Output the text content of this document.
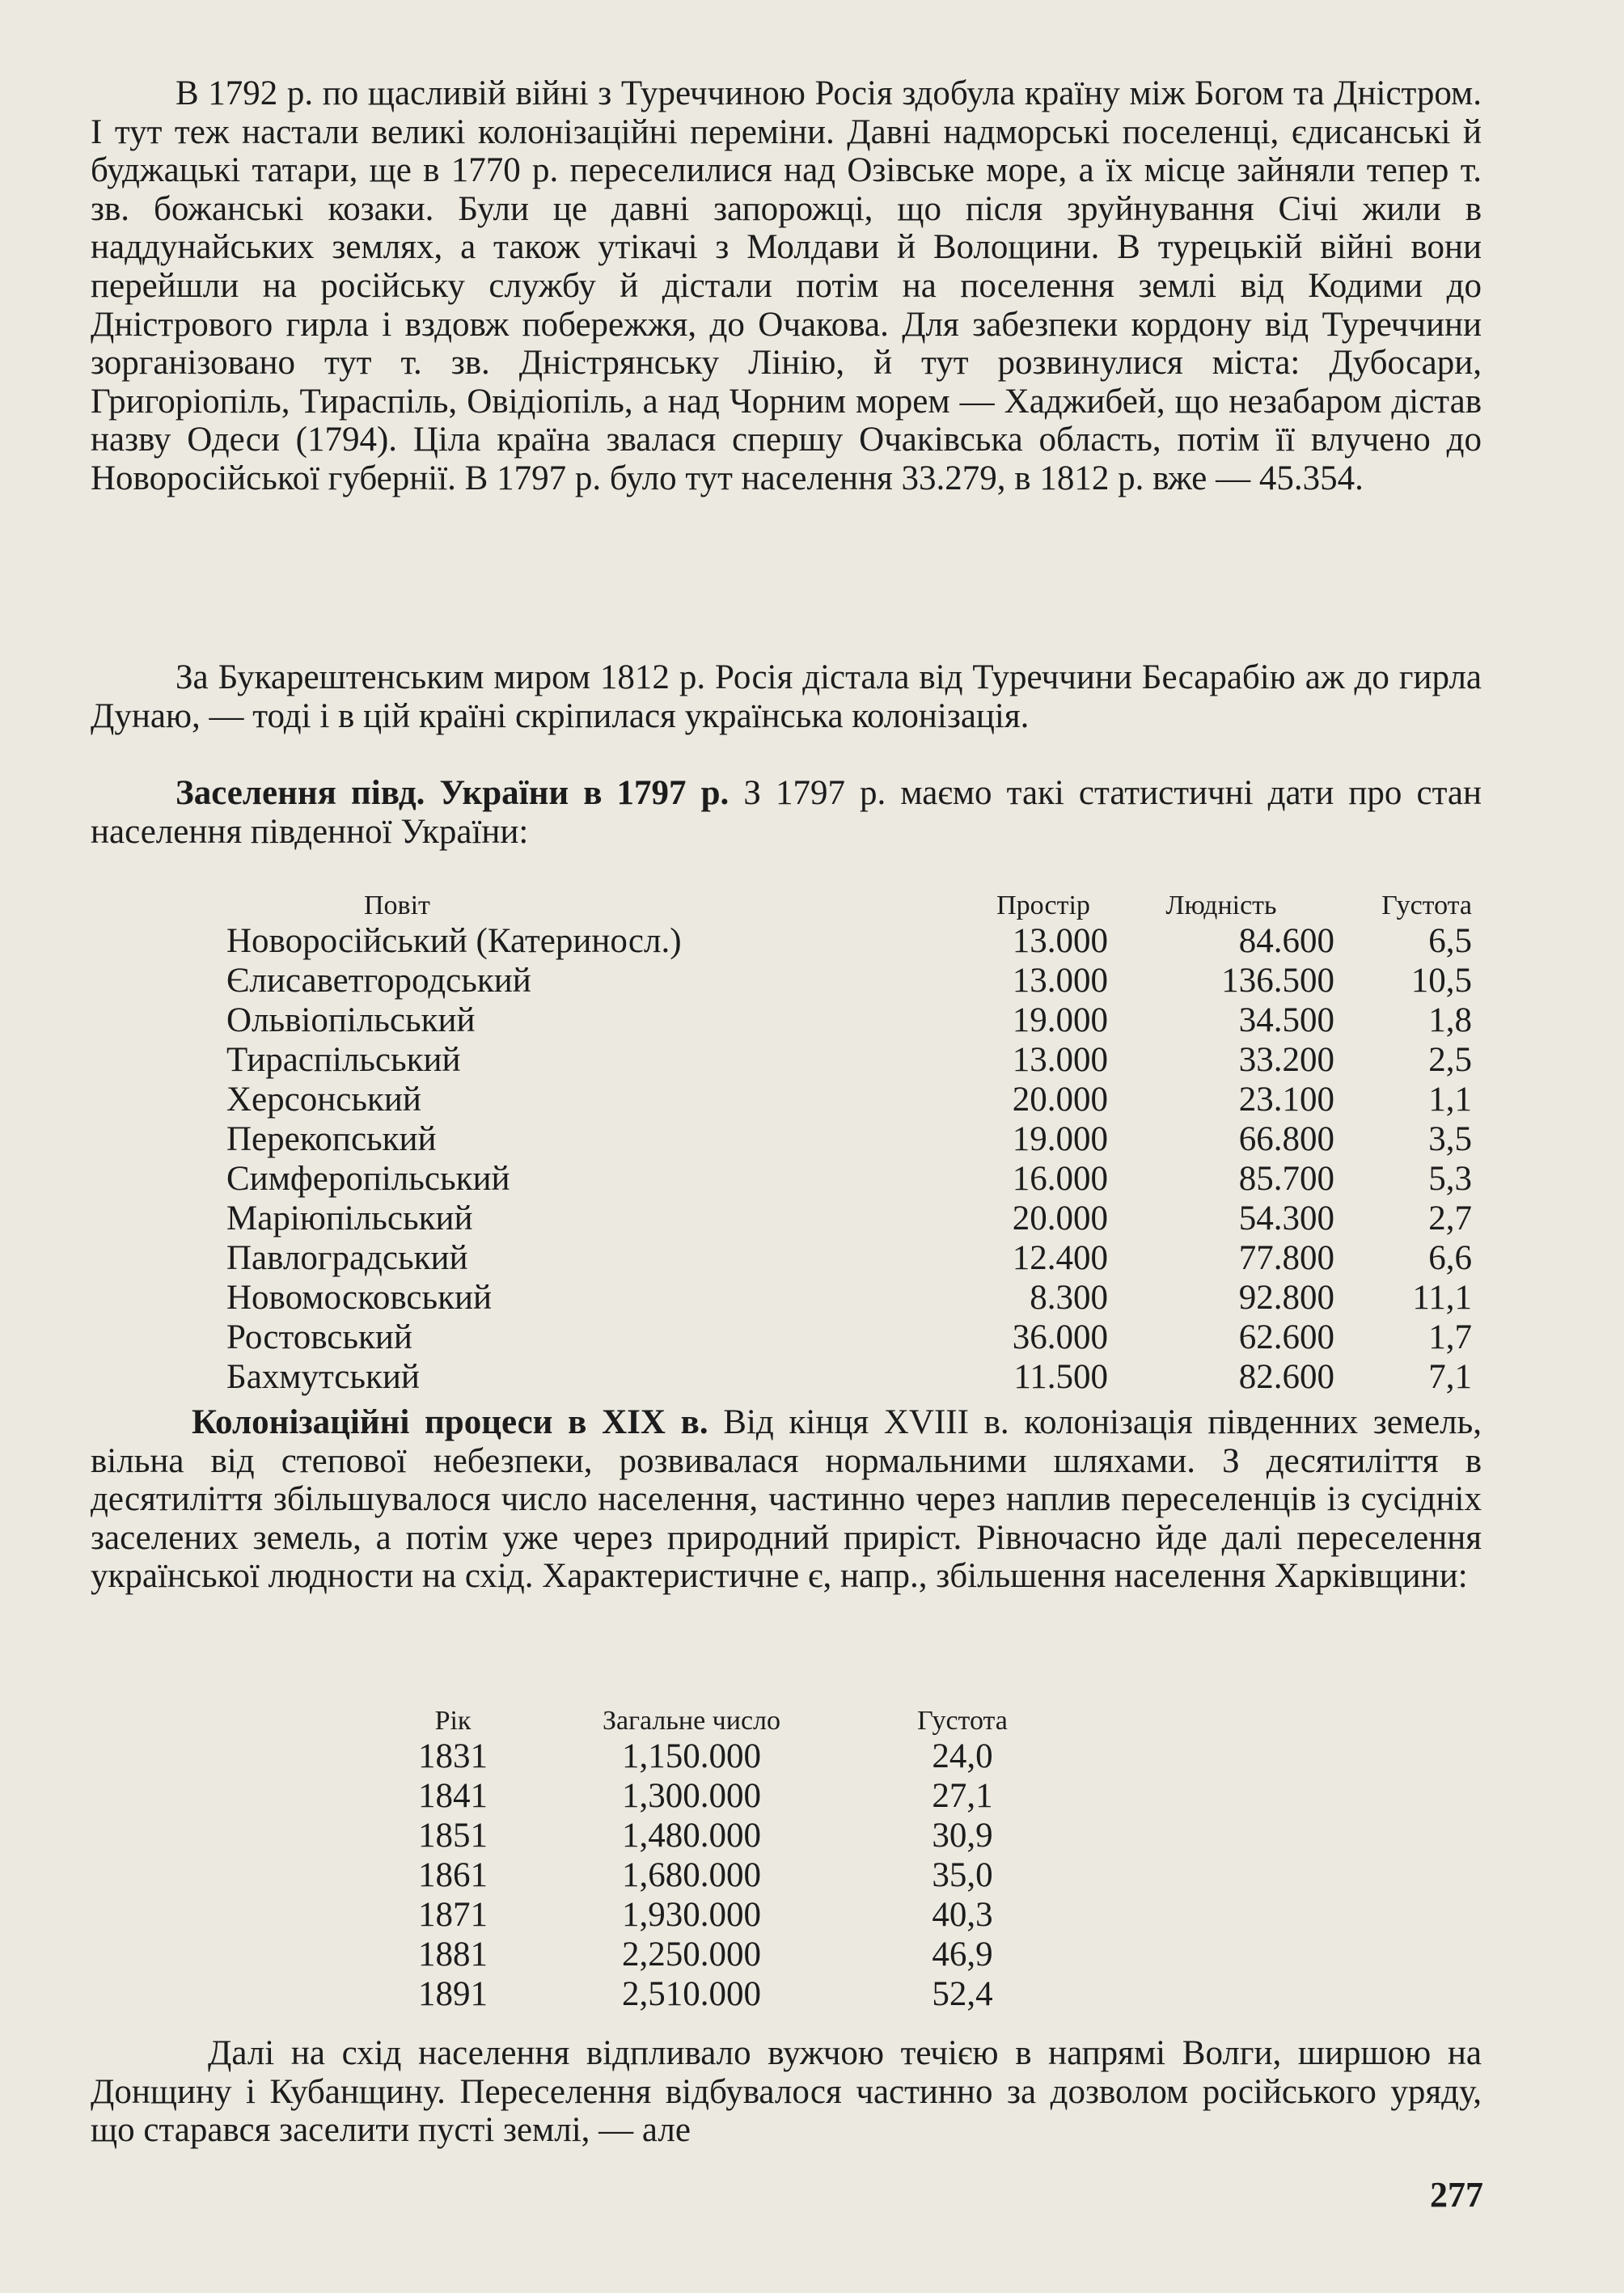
В 1792 р. по щасливій війні з Туреччиною Росія здобула країну між Богом та Дністром. І тут теж настали великі колонізаційні переміни. Давні надморські поселенці, єдисанські й буджацькі татари, ще в 1770 р. переселилися над Озівське море, а їх місце зайняли тепер т. зв. божанські козаки. Були це давні запорожці, що після зруйнування Січі жили в наддунайських землях, а також утікачі з Молдави й Волощини. В турецькій війні вони перейшли на російську службу й дістали потім на поселення землі від Кодими до Дністрового гирла і вздовж побережжя, до Очакова. Для забезпеки кордону від Туреччини зорганізовано тут т. зв. Дністрянську Лінію, й тут розвинулися міста: Дубосари, Григоріопіль, Тираспіль, Овідіопіль, а над Чорним морем — Хаджибей, що незабаром дістав назву Одеси (1794). Ціла країна звалася спершу Очаківська область, потім її влучено до Новоросійської губернії. В 1797 р. було тут населення 33.279, в 1812 р. вже — 45.354.

За Букарештенським миром 1812 р. Росія дістала від Туреччини Бесарабію аж до гирла Дунаю, — тоді і в цій країні скріпилася українська колонізація.

Заселення півд. України в 1797 р. З 1797 р. маємо такі статистичні дати про стан населення південної України:

Повіт	Простір	Людність	Густота
Новоросійський (Катериносл.)	13.000	84.600	6,5
Єлисаветгородський	13.000	136.500	10,5
Ольвіопільський	19.000	34.500	1,8
Тираспільський	13.000	33.200	2,5
Херсонський	20.000	23.100	1,1
Перекопський	19.000	66.800	3,5
Симферопільський	16.000	85.700	5,3
Маріюпільський	20.000	54.300	2,7
Павлоградський	12.400	77.800	6,6
Новомосковський	8.300	92.800	11,1
Ростовський	36.000	62.600	1,7
Бахмутський	11.500	82.600	7,1

Колонізаційні процеси в XIX в. Від кінця XVIII в. колонізація південних земель, вільна від степової небезпеки, розвивалася нормальними шляхами. З десятиліття в десятиліття збільшувалося число населення, частинно через наплив переселенців із сусідніх заселених земель, а потім уже через природний приріст. Рівночасно йде далі переселення української людности на схід. Характеристичне є, напр., збільшення населення Харківщини:

Рік	Загальне число	Густота
1831	1,150.000	24,0
1841	1,300.000	27,1
1851	1,480.000	30,9
1861	1,680.000	35,0
1871	1,930.000	40,3
1881	2,250.000	46,9
1891	2,510.000	52,4

Далі на схід населення відпливало вужчою течією в напрямі Волги, ширшою на Донщину і Кубанщину. Переселення відбувалося частинно за дозволом російського уряду, що старався заселити пусті землі, — але

277
